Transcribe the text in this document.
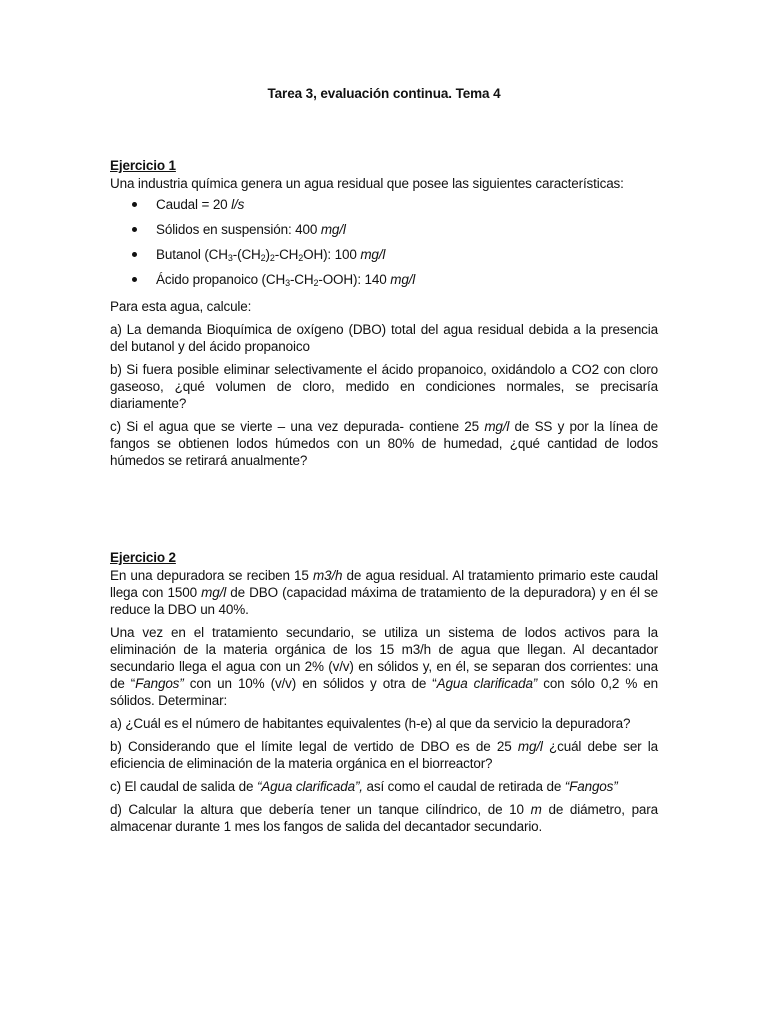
Tarea 3, evaluación continua. Tema 4

Ejercicio 1

Una industria química genera un agua residual que posee las siguientes características:

Caudal = 20 l/s
Sólidos en suspensión: 400 mg/l
Butanol $(CH_3-(CH_2)_2-CH_2OH)$: 100 mg/l
Ácido propanoico $(CH_3-CH_2-OOH)$: 140 mg/l

Para esta agua, calcule:

a) La demanda Bioquímica de oxígeno (DBO) total del agua residual debida a la presencia del butanol y del ácido propanoico

b) Si fuera posible eliminar selectivamente el ácido propanoico, oxidándolo a CO2 con cloro gaseoso, ¿qué volumen de cloro, medido en condiciones normales, se precisaría diariamente?

c) Si el agua que se vierte – una vez depurada- contiene 25 mg/l de SS y por la línea de fangos se obtienen lodos húmedos con un 80% de humedad, ¿qué cantidad de lodos húmedos se retirará anualmente?

Ejercicio 2

En una depuradora se reciben 15 m3/h de agua residual. Al tratamiento primario este caudal llega con 1500 mg/l de DBO (capacidad máxima de tratamiento de la depuradora) y en él se reduce la DBO un 40%.

Una vez en el tratamiento secundario, se utiliza un sistema de lodos activos para la eliminación de la materia orgánica de los 15 m3/h de agua que llegan. Al decantador secundario llega el agua con un 2% (v/v) en sólidos y, en él, se separan dos corrientes: una de “Fangos” con un 10% (v/v) en sólidos y otra de “Agua clarificada” con sólo 0,2 % en sólidos. Determinar:

a) ¿Cuál es el número de habitantes equivalentes (h-e) al que da servicio la depuradora?

b) Considerando que el límite legal de vertido de DBO es de 25 mg/l ¿cuál debe ser la eficiencia de eliminación de la materia orgánica en el biorreactor?

c) El caudal de salida de “Agua clarificada”, así como el caudal de retirada de “Fangos”

d) Calcular la altura que debería tener un tanque cilíndrico, de 10 m de diámetro, para almacenar durante 1 mes los fangos de salida del decantador secundario.
